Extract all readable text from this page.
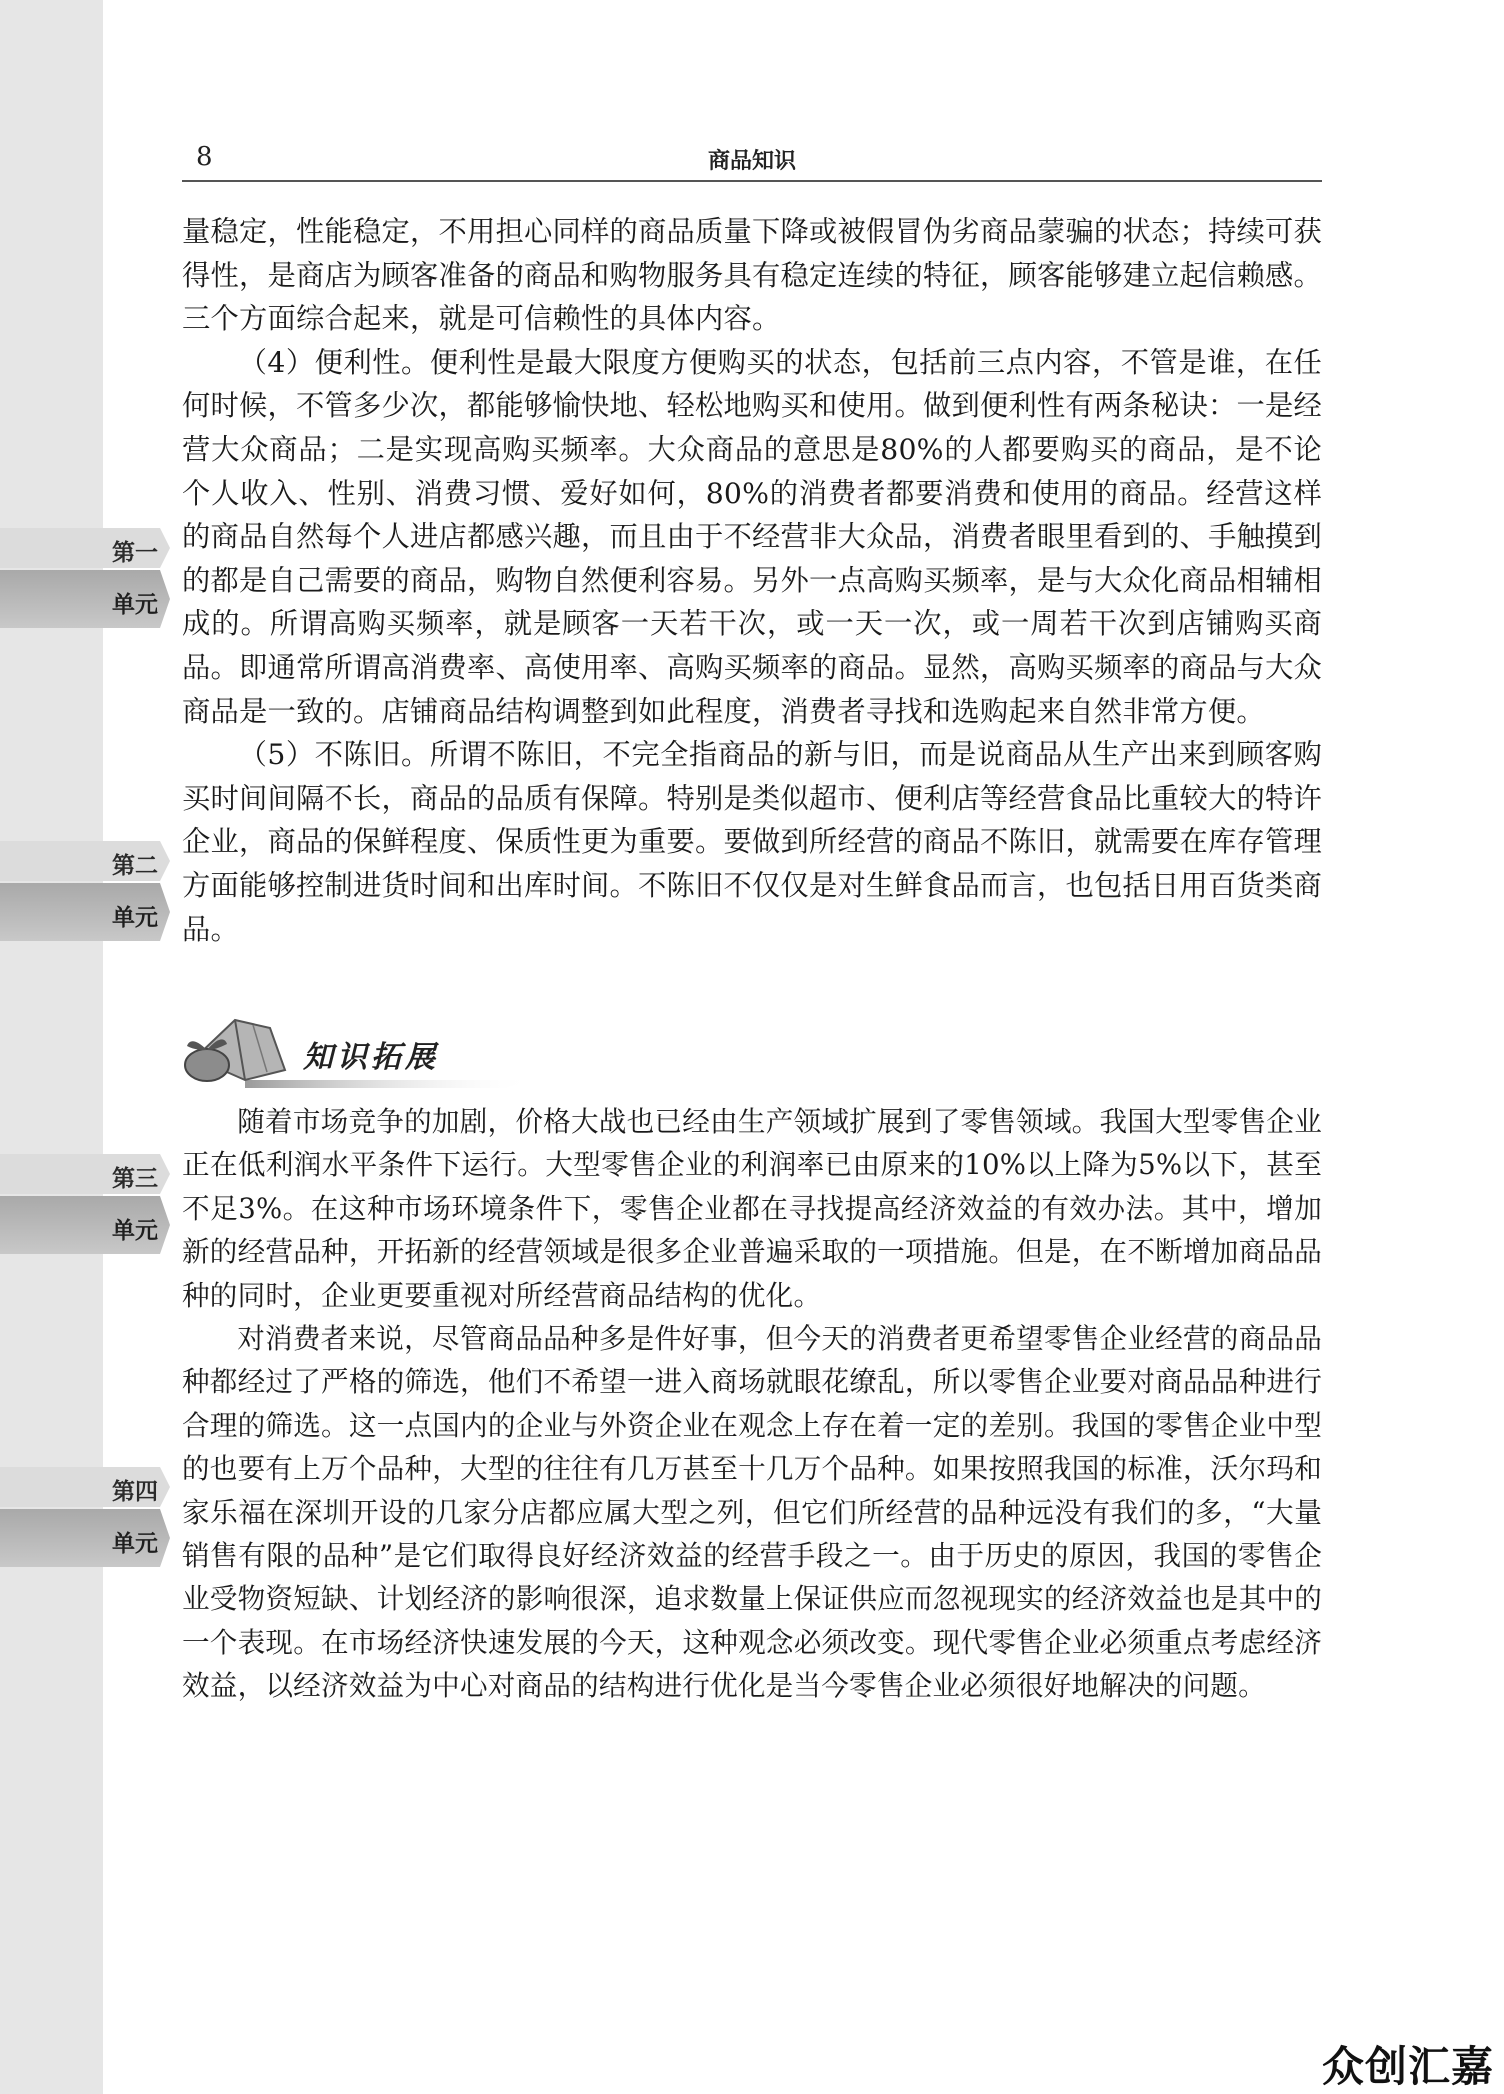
第一
单元
第二
单元
第三
单元
第四
单元
8	商品知识

量稳定，性能稳定，不用担心同样的商品质量下降或被假冒伪劣商品蒙骗的状态；持续可获得性，是商店为顾客准备的商品和购物服务具有稳定连续的特征，顾客能够建立起信赖感。三个方面综合起来，就是可信赖性的具体内容。

（4）便利性。便利性是最大限度方便购买的状态，包括前三点内容，不管是谁，在任何时候，不管多少次，都能够愉快地、轻松地购买和使用。做到便利性有两条秘诀：一是经营大众商品；二是实现高购买频率。大众商品的意思是80%的人都要购买的商品，是不论个人收入、性别、消费习惯、爱好如何，80%的消费者都要消费和使用的商品。经营这样的商品自然每个人进店都感兴趣，而且由于不经营非大众品，消费者眼里看到的、手触摸到的都是自己需要的商品，购物自然便利容易。另外一点高购买频率，是与大众化商品相辅相成的。所谓高购买频率，就是顾客一天若干次，或一天一次，或一周若干次到店铺购买商品。即通常所谓高消费率、高使用率、高购买频率的商品。显然，高购买频率的商品与大众商品是一致的。店铺商品结构调整到如此程度，消费者寻找和选购起来自然非常方便。

（5）不陈旧。所谓不陈旧，不完全指商品的新与旧，而是说商品从生产出来到顾客购买时间间隔不长，商品的品质有保障。特别是类似超市、便利店等经营食品比重较大的特许企业，商品的保鲜程度、保质性更为重要。要做到所经营的商品不陈旧，就需要在库存管理方面能够控制进货时间和出库时间。不陈旧不仅仅是对生鲜食品而言，也包括日用百货类商品。

知识拓展

随着市场竞争的加剧，价格大战也已经由生产领域扩展到了零售领域。我国大型零售企业正在低利润水平条件下运行。大型零售企业的利润率已由原来的10%以上降为5%以下，甚至不足3%。在这种市场环境条件下，零售企业都在寻找提高经济效益的有效办法。其中，增加新的经营品种，开拓新的经营领域是很多企业普遍采取的一项措施。但是，在不断增加商品品种的同时，企业更要重视对所经营商品结构的优化。

对消费者来说，尽管商品品种多是件好事，但今天的消费者更希望零售企业经营的商品品种都经过了严格的筛选，他们不希望一进入商场就眼花缭乱，所以零售企业要对商品品种进行合理的筛选。这一点国内的企业与外资企业在观念上存在着一定的差别。我国的零售企业中型的也要有上万个品种，大型的往往有几万甚至十几万个品种。如果按照我国的标准，沃尔玛和家乐福在深圳开设的几家分店都应属大型之列，但它们所经营的品种远没有我们的多，“大量销售有限的品种”是它们取得良好经济效益的经营手段之一。由于历史的原因，我国的零售企业受物资短缺、计划经济的影响很深，追求数量上保证供应而忽视现实的经济效益也是其中的一个表现。在市场经济快速发展的今天，这种观念必须改变。现代零售企业必须重点考虑经济效益，以经济效益为中心对商品的结构进行优化是当今零售企业必须很好地解决的问题。

众创汇嘉
